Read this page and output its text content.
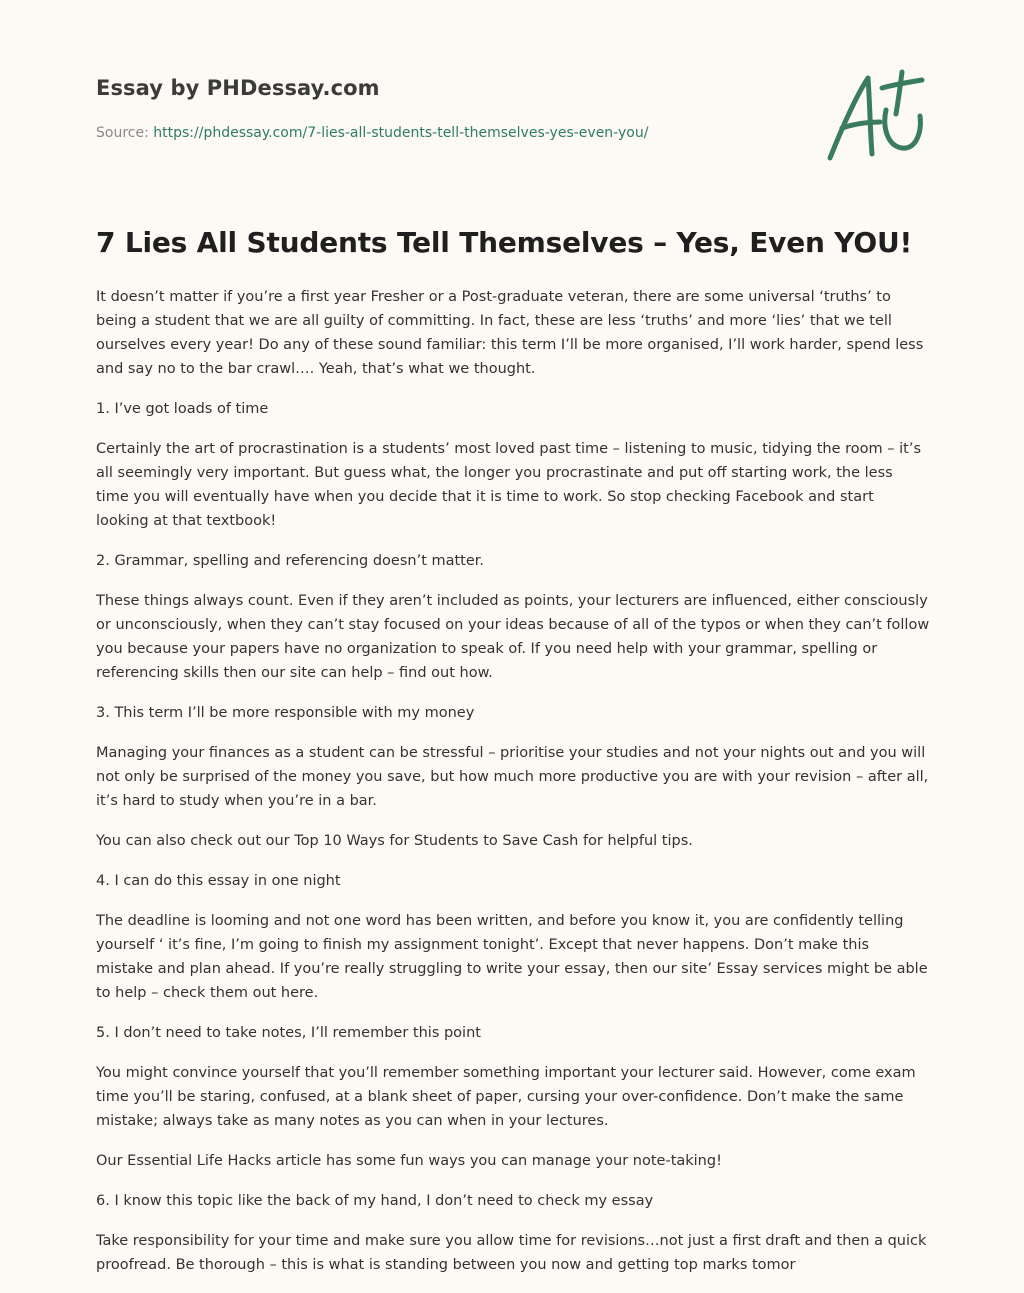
Essay by PHDessay.com
Source: https://phdessay.com/7-lies-all-students-tell-themselves-yes-even-you/
7 Lies All Students Tell Themselves – Yes, Even YOU!

It doesn’t matter if you’re a first year Fresher or a Post-graduate veteran, there are some universal ‘truths’ to being a student that we are all guilty of committing. In fact, these are less ‘truths’ and more ‘lies’ that we tell ourselves every year! Do any of these sound familiar: this term I’ll be more organised, I’ll work harder, spend less and say no to the bar crawl…. Yeah, that’s what we thought.

1. I’ve got loads of time

Certainly the art of procrastination is a students’ most loved past time – listening to music, tidying the room – it’s all seemingly very important. But guess what, the longer you procrastinate and put off starting work, the less time you will eventually have when you decide that it is time to work. So stop checking Facebook and start looking at that textbook!

2. Grammar, spelling and referencing doesn’t matter.

These things always count. Even if they aren’t included as points, your lecturers are influenced, either consciously or unconsciously, when they can’t stay focused on your ideas because of all of the typos or when they can’t follow you because your papers have no organization to speak of. If you need help with your grammar, spelling or referencing skills then our site can help – find out how.

3. This term I’ll be more responsible with my money

Managing your finances as a student can be stressful – prioritise your studies and not your nights out and you will not only be surprised of the money you save, but how much more productive you are with your revision – after all, it’s hard to study when you’re in a bar.

You can also check out our Top 10 Ways for Students to Save Cash for helpful tips.

4. I can do this essay in one night

The deadline is looming and not one word has been written, and before you know it, you are confidently telling yourself ‘ it’s fine, I’m going to finish my assignment tonight’. Except that never happens. Don’t make this mistake and plan ahead. If you’re really struggling to write your essay, then our site’ Essay services might be able to help – check them out here.

5. I don’t need to take notes, I’ll remember this point

You might convince yourself that you’ll remember something important your lecturer said. However, come exam time you’ll be staring, confused, at a blank sheet of paper, cursing your over-confidence. Don’t make the same mistake; always take as many notes as you can when in your lectures.

Our Essential Life Hacks article has some fun ways you can manage your note-taking!

6. I know this topic like the back of my hand, I don’t need to check my essay

Take responsibility for your time and make sure you allow time for revisions…not just a first draft and then a quick proofread. Be thorough – this is what is standing between you now and getting top marks tomor
